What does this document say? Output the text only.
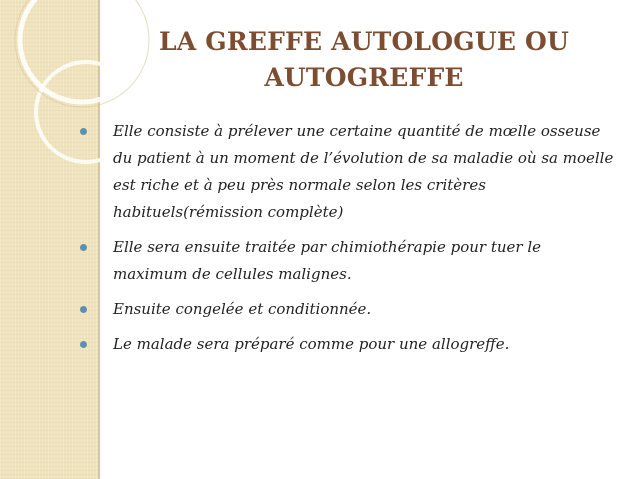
LA GREFFE AUTOLOGUE OU
AUTOGREFFE
Elle consiste à prélever une certaine quantité de mœlle osseuse du patient à un moment de l’évolution de sa maladie où sa moelle est riche et à peu près normale selon les critères habituels(rémission complète)
Elle sera ensuite traitée par chimiothérapie pour tuer le maximum de cellules malignes.
Ensuite congelée et conditionnée.
Le malade sera préparé comme pour une allogreffe.
